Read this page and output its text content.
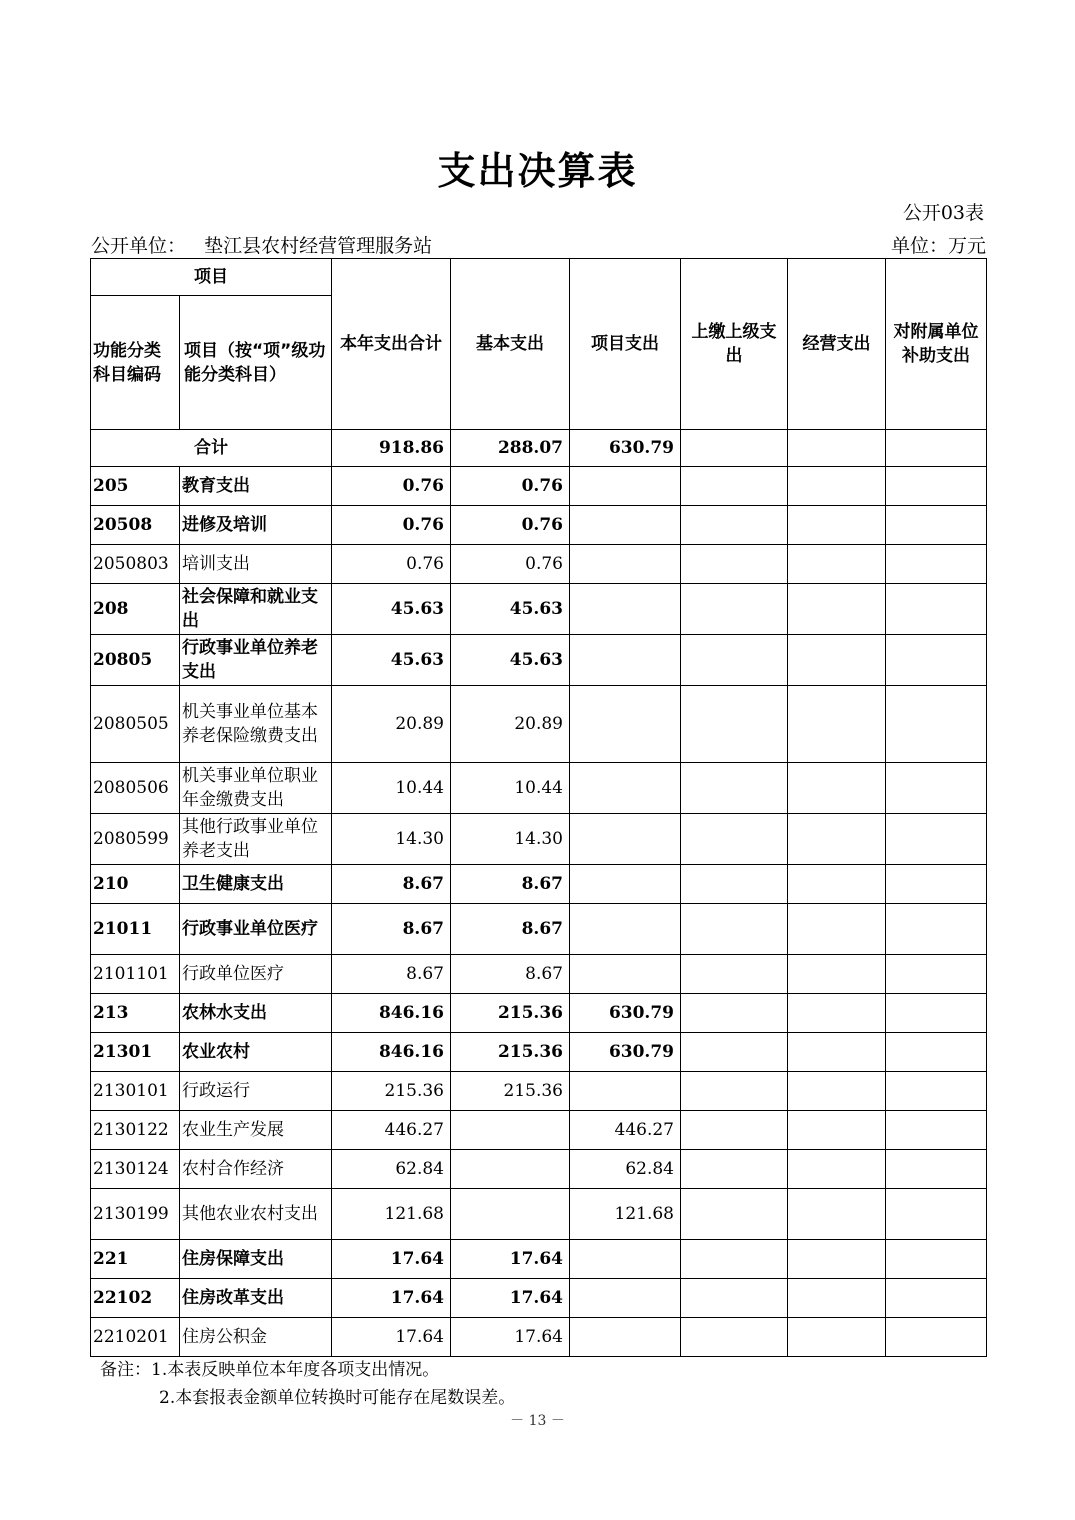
支出决算表
公开03表
公开单位： 垫江县农村经营管理服务站	单位：万元
项目		本年支出合计	基本支出	项目支出	上缴上级支出	经营支出	对附属单位补助支出
功能分类科目编码	项目（按“项”级功能分类科目）						
合计		918.86	288.07	630.79			
205	教育支出	0.76	0.76				
20508	进修及培训	0.76	0.76				
2050803	培训支出	0.76	0.76				
208	社会保障和就业支出	45.63	45.63				
20805	行政事业单位养老支出	45.63	45.63				
2080505	机关事业单位基本养老保险缴费支出	20.89	20.89				
2080506	机关事业单位职业年金缴费支出	10.44	10.44				
2080599	其他行政事业单位养老支出	14.30	14.30				
210	卫生健康支出	8.67	8.67				
21011	行政事业单位医疗	8.67	8.67				
2101101	行政单位医疗	8.67	8.67				
213	农林水支出	846.16	215.36	630.79			
21301	农业农村	846.16	215.36	630.79			
2130101	行政运行	215.36	215.36				
2130122	农业生产发展	446.27		446.27			
2130124	农村合作经济	62.84		62.84			
2130199	其他农业农村支出	121.68		121.68			
221	住房保障支出	17.64	17.64				
22102	住房改革支出	17.64	17.64				
2210201	住房公积金	17.64	17.64				
备注：1.本表反映单位本年度各项支出情况。
2.本套报表金额单位转换时可能存在尾数误差。
－ 13 －
